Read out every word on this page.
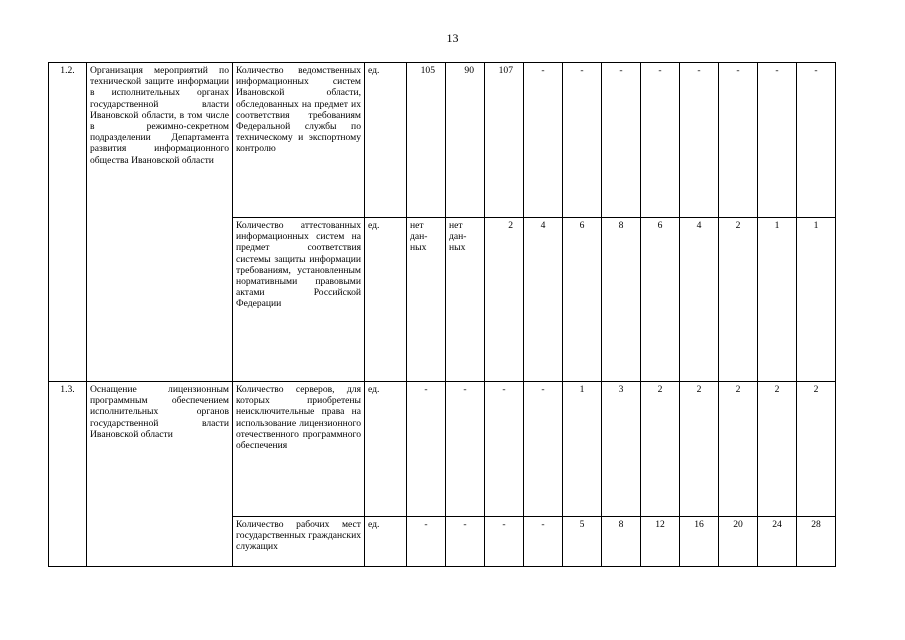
13
1.2.	Организация мероприятий по технической защите информации в исполнительных органах государственной власти Ивановской области, в том числе в режимно-секретном подразделении Департамента развития информационного общества Ивановской области	Количество ведомственных информационных систем Ивановской области, обследованных на предмет их соответствия требованиям Федеральной службы по техническому и экспортному контролю	ед.	105	90	107	-	-	-	-	-	-	-	-
		Количество аттестованных информационных систем на предмет соответствия системы защиты информации требованиям, установленным нормативными правовыми актами Российской Федерации	ед.	нет дан-ных	нет дан-ных	2	4	6	8	6	4	2	1	1
1.3.	Оснащение лицензионным программным обеспечением исполнительных органов государственной власти Ивановской области	Количество серверов, для которых приобретены неисключительные права на использование лицензионного отечественного программного обеспечения	ед.	-	-	-	-	1	3	2	2	2	2	2
		Количество рабочих мест государственных гражданских служащих	ед.	-	-	-	-	5	8	12	16	20	24	28
